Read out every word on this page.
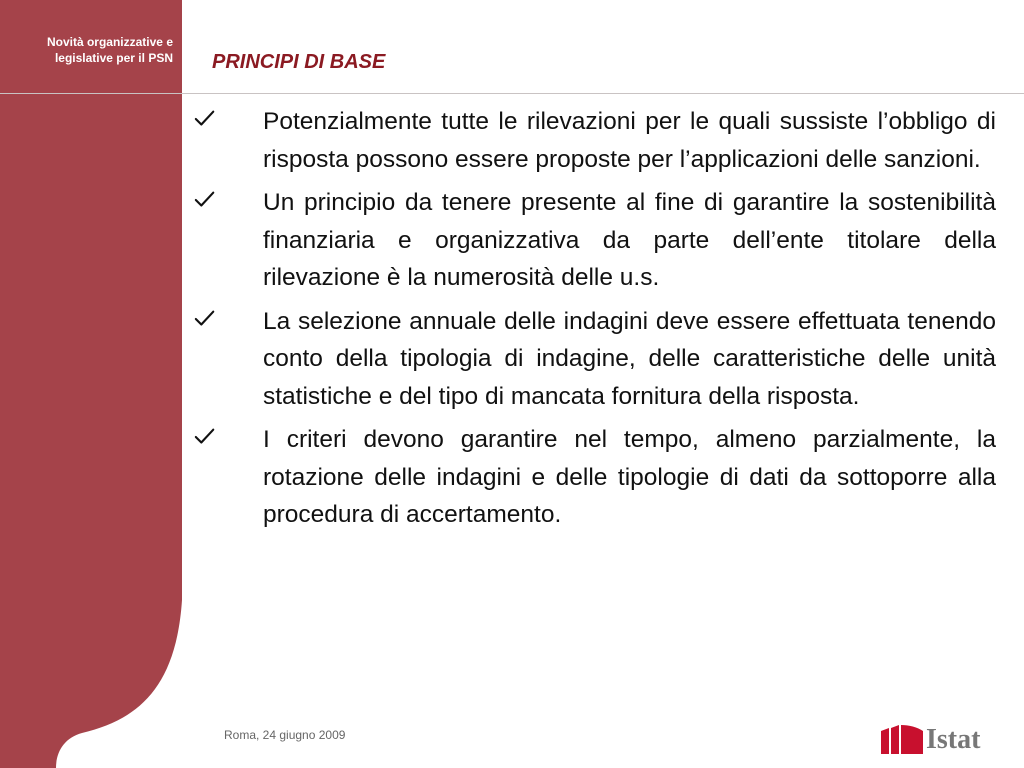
Novità organizzative e
legislative per il PSN PRINCIPI DI BASE
Potenzialmente tutte le rilevazioni per le quali sussiste l’obbligo di risposta possono essere proposte per l’applicazioni delle sanzioni.
Un principio da tenere presente al fine di garantire la sostenibilità finanziaria e organizzativa da parte dell’ente titolare della rilevazione è la numerosità delle u.s.
La selezione annuale delle indagini deve essere effettuata tenendo conto della tipologia di indagine, delle caratteristiche delle unità statistiche e del tipo di mancata fornitura della risposta.
I criteri devono garantire nel tempo, almeno parzialmente, la rotazione delle indagini e delle tipologie di dati da sottoporre alla procedura di accertamento.
Roma, 24 giugno 2009	Istat
